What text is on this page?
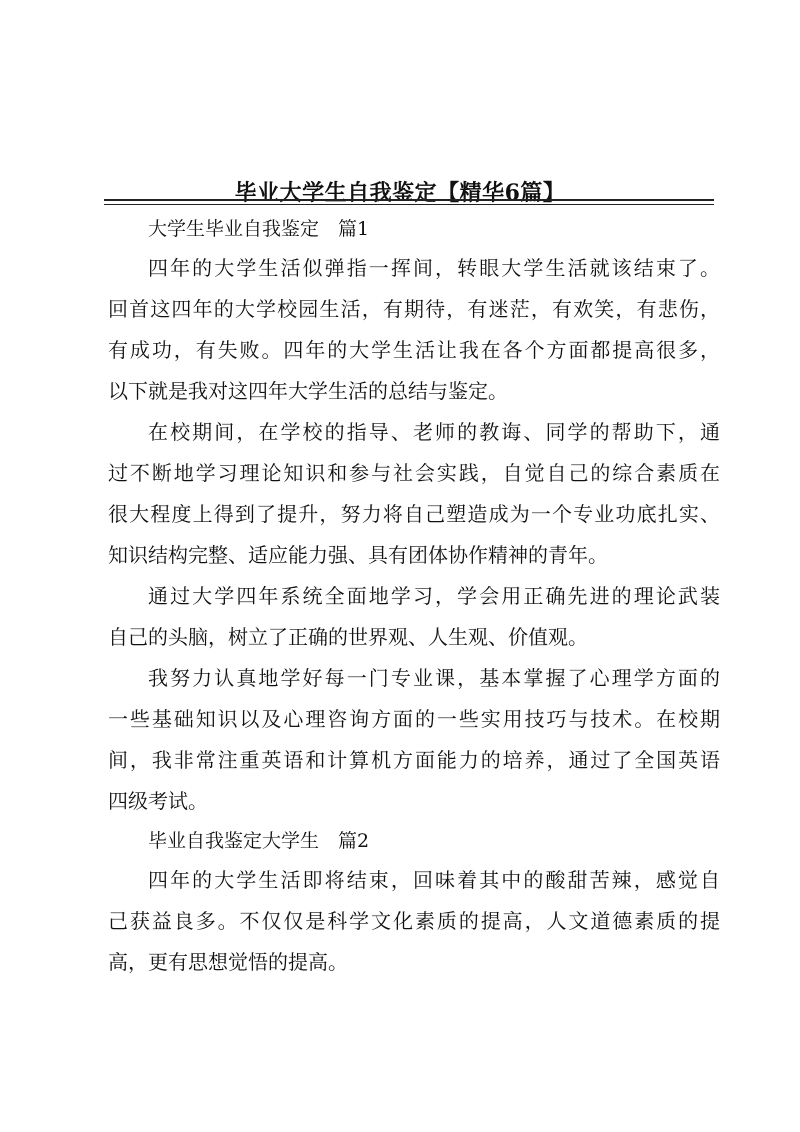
毕业大学生自我鉴定【精华6篇】
大学生毕业自我鉴定　篇1
四年的大学生活似弹指一挥间，转眼大学生活就该结束了。
回首这四年的大学校园生活，有期待，有迷茫，有欢笑，有悲伤，
有成功，有失败。四年的大学生活让我在各个方面都提高很多，
以下就是我对这四年大学生活的总结与鉴定。
在校期间，在学校的指导、老师的教诲、同学的帮助下，通
过不断地学习理论知识和参与社会实践，自觉自己的综合素质在
很大程度上得到了提升，努力将自己塑造成为一个专业功底扎实、
知识结构完整、适应能力强、具有团体协作精神的青年。
通过大学四年系统全面地学习，学会用正确先进的理论武装
自己的头脑，树立了正确的世界观、人生观、价值观。
我努力认真地学好每一门专业课，基本掌握了心理学方面的
一些基础知识以及心理咨询方面的一些实用技巧与技术。在校期
间，我非常注重英语和计算机方面能力的培养，通过了全国英语
四级考试。
毕业自我鉴定大学生　篇2
四年的大学生活即将结束，回味着其中的酸甜苦辣，感觉自
己获益良多。不仅仅是科学文化素质的提高，人文道德素质的提
高，更有思想觉悟的提高。
